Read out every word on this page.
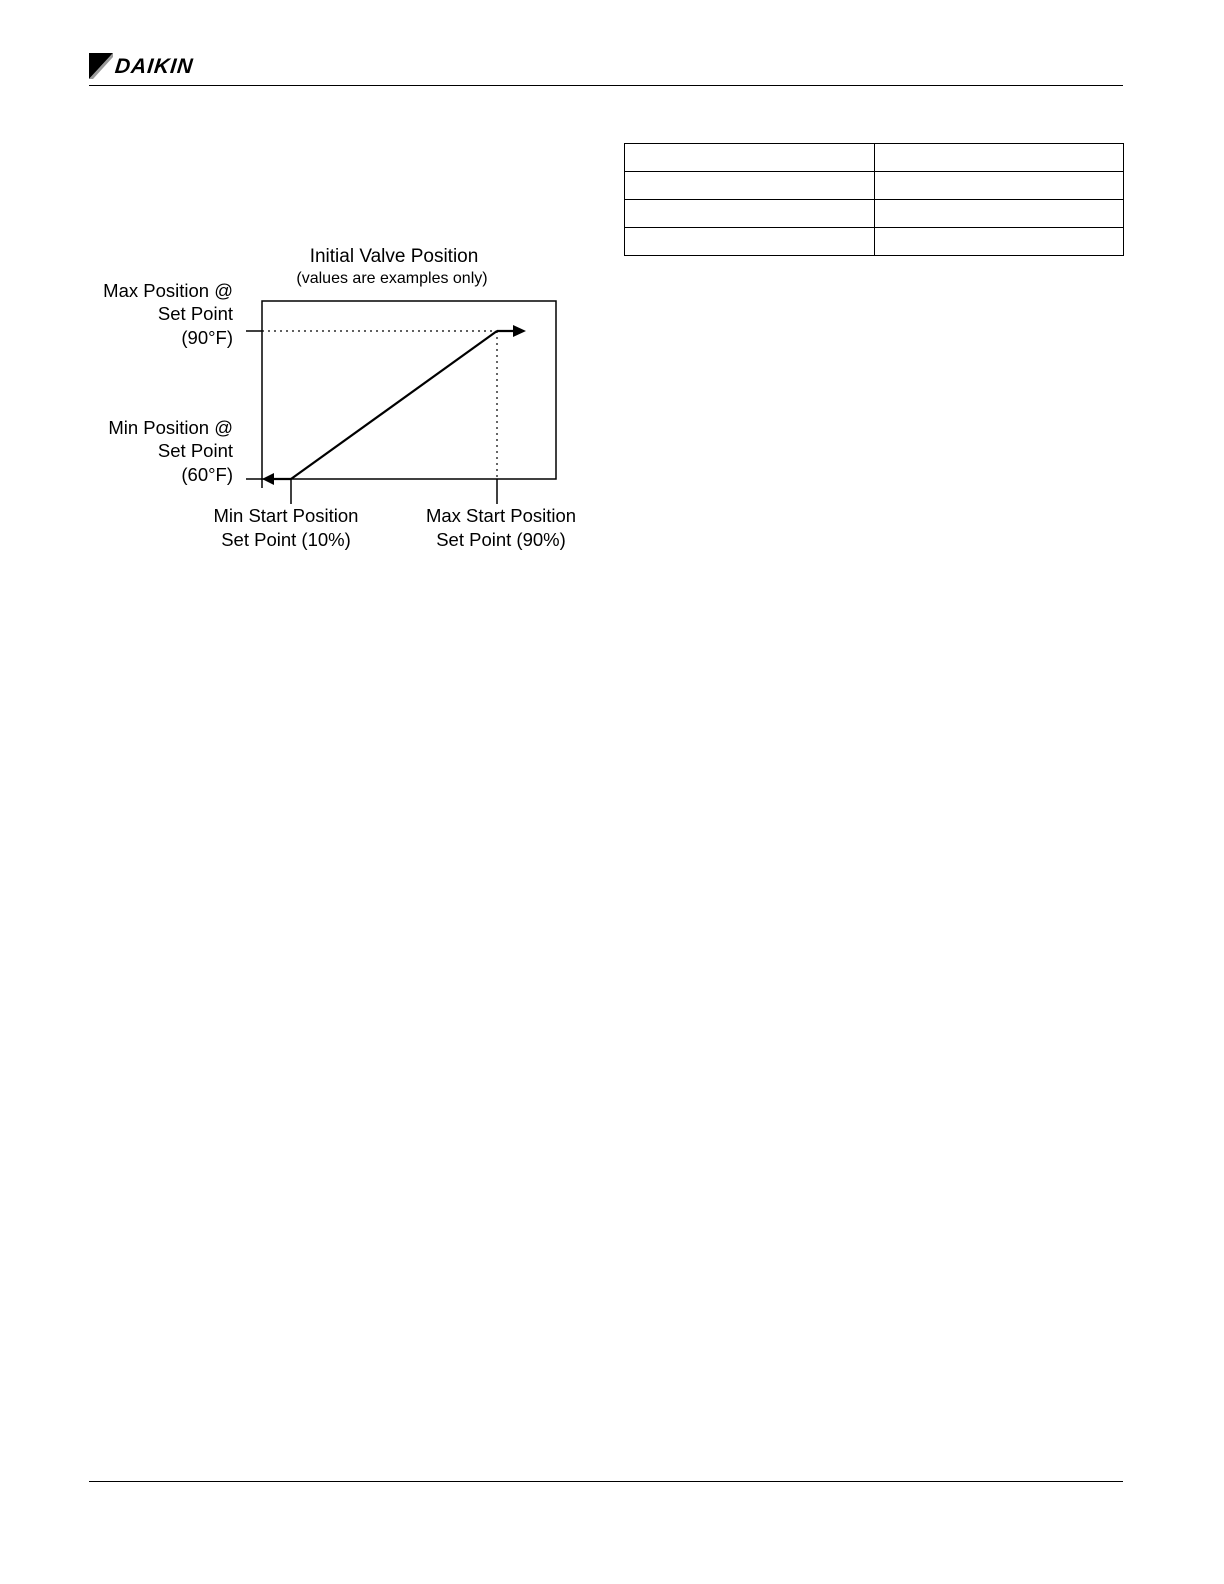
DAIKIN
Initial Valve Position
(values are examples only)
Max Position @
Set Point
(90°F)
Min Position @
Set Point
(60°F)
Min Start Position
Set Point (10%)
Max Start Position
Set Point (90%)
